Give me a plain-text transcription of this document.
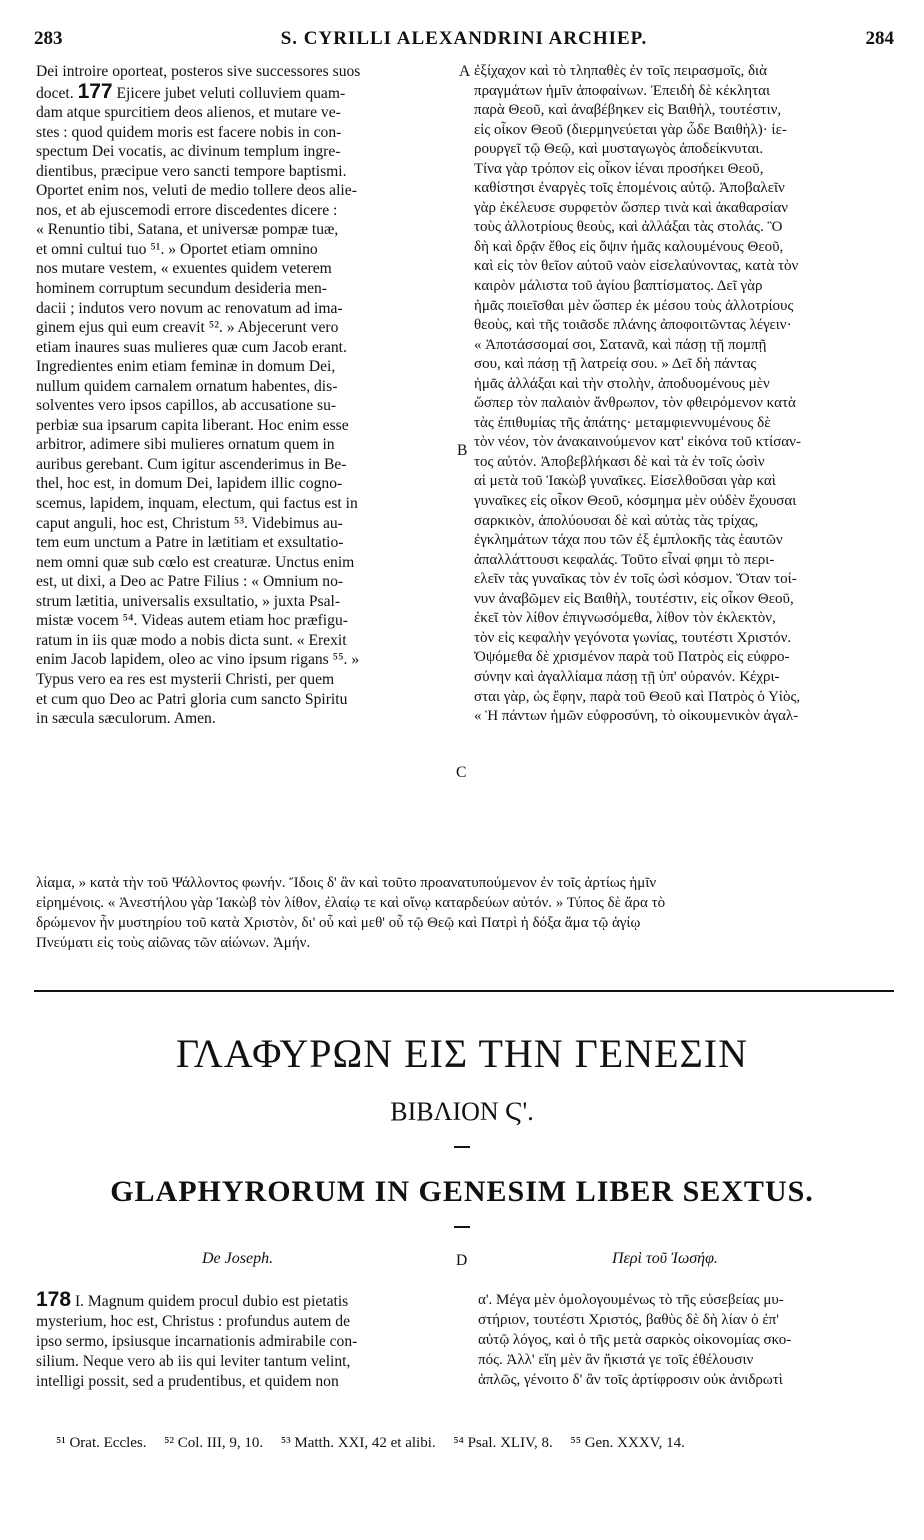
283	S. CYRILLI ALEXANDRINI ARCHIEP.	284
Dei introire oporteat, posteros sive successores suos
docet. 177 Ejicere jubet veluti colluviem quam-
dam atque spurcitiem deos alienos, et mutare ve-
stes : quod quidem moris est facere nobis in con-
spectum Dei vocatis, ac divinum templum ingre-
dientibus, præcipue vero sancti tempore baptismi.
Oportet enim nos, veluti de medio tollere deos alie-
nos, et ab ejuscemodi errore discedentes dicere :
« Renuntio tibi, Satana, et universæ pompæ tuæ,
et omni cultui tuo ⁵¹. » Oportet etiam omnino
nos mutare vestem, « exuentes quidem veterem
hominem corruptum secundum desideria men-
dacii ; indutos vero novum ac renovatum ad ima-
ginem ejus qui eum creavit ⁵². » Abjecerunt vero
etiam inaures suas mulieres quæ cum Jacob erant.
Ingredientes enim etiam feminæ in domum Dei,
nullum quidem carnalem ornatum habentes, dis-
solventes vero ipsos capillos, ab accusatione su-
perbiæ sua ipsarum capita liberant. Hoc enim esse
arbitror, adimere sibi mulieres ornatum quem in
auribus gerebant. Cum igitur ascenderimus in Be-
thel, hoc est, in domum Dei, lapidem illic cogno-
scemus, lapidem, inquam, electum, qui factus est in
caput anguli, hoc est, Christum ⁵³. Videbimus au-
tem eum unctum a Patre in lætitiam et exsultatio-
nem omni quæ sub cœlo est creaturæ. Unctus enim
est, ut dixi, a Deo ac Patre Filius : « Omnium no-
strum lætitia, universalis exsultatio, » juxta Psal-
mistæ vocem ⁵⁴. Videas autem etiam hoc præfigu-
ratum in iis quæ modo a nobis dicta sunt. « Erexit
enim Jacob lapidem, oleo ac vino ipsum rigans ⁵⁵. »
Typus vero ea res est mysterii Christi, per quem
et cum quo Deo ac Patri gloria cum sancto Spiritu
in sæcula sæculorum. Amen.
A
B
C
D
ἐξίχαχον καὶ τὸ τληπαθὲς ἐν τοῖς πειρασμοῖς, διὰ
πραγμάτων ἡμῖν ἀποφαίνων. Ἐπειδὴ δὲ κέκληται
παρὰ Θεοῦ, καὶ ἀναβέβηκεν εἰς Βαιθὴλ, τουτέστιν,
εἰς οἶκον Θεοῦ (διερμηνεύεται γὰρ ὧδε Βαιθὴλ)· ἱε-
ρουργεῖ τῷ Θεῷ, καὶ μυσταγωγὸς ἀποδείκνυται.
Τίνα γὰρ τρόπον εἰς οἶκον ἰέναι προσήκει Θεοῦ,
καθίστησι ἐναργὲς τοῖς ἑπομένοις αὐτῷ. Ἀποβαλεῖν
γὰρ ἐκέλευσε συρφετὸν ὥσπερ τινὰ καὶ ἀκαθαρσίαν
τοὺς ἀλλοτρίους θεοὺς, καὶ ἀλλάξαι τὰς στολάς. Ὃ
δὴ καὶ δρᾷν ἔθος εἰς ὄψιν ἡμᾶς καλουμένους Θεοῦ,
καὶ εἰς τὸν θεῖον αὐτοῦ ναὸν εἰσελαύνοντας, κατὰ τὸν
καιρὸν μάλιστα τοῦ ἁγίου βαπτίσματος. Δεῖ γὰρ
ἡμᾶς ποιεῖσθαι μὲν ὥσπερ ἐκ μέσου τοὺς ἀλλοτρίους
θεοὺς, καὶ τῆς τοιᾶσδε πλάνης ἀποφοιτῶντας λέγειν·
« Ἀποτάσσομαί σοι, Σατανᾶ, καὶ πάσῃ τῇ πομπῇ
σου, καὶ πάσῃ τῇ λατρείᾳ σου. » Δεῖ δὴ πάντας
ἡμᾶς ἀλλάξαι καὶ τὴν στολὴν, ἀποδυομένους μὲν
ὥσπερ τὸν παλαιὸν ἄνθρωπον, τὸν φθειρόμενον κατὰ
τὰς ἐπιθυμίας τῆς ἀπάτης· μεταμφιεννυμένους δὲ
τὸν νέον, τὸν ἀνακαινούμενον κατ' εἰκόνα τοῦ κτίσαν-
τος αὐτόν. Ἀποβεβλήκασι δὲ καὶ τὰ ἐν τοῖς ὠσὶν
αἱ μετὰ τοῦ Ἰακὼβ γυναῖκες. Εἰσελθοῦσαι γὰρ καὶ
γυναῖκες εἰς οἶκον Θεοῦ, κόσμημα μὲν οὐδὲν ἔχουσαι
σαρκικὸν, ἀπολύουσαι δὲ καὶ αὐτὰς τὰς τρίχας,
ἐγκλημάτων τάχα που τῶν ἐξ ἐμπλοκῆς τὰς ἑαυτῶν
ἀπαλλάττουσι κεφαλάς. Τοῦτο εἶναί φημι τὸ περι-
ελεῖν τὰς γυναῖκας τὸν ἐν τοῖς ὠσὶ κόσμον. Ὅταν τοί-
νυν ἀναβῶμεν εἰς Βαιθὴλ, τουτέστιν, εἰς οἶκον Θεοῦ,
ἐκεῖ τὸν λίθον ἐπιγνωσόμεθα, λίθον τὸν ἐκλεκτὸν,
τὸν εἰς κεφαλὴν γεγόνοτα γωνίας, τουτέστι Χριστόν.
Ὀψόμεθα δὲ χρισμένον παρὰ τοῦ Πατρὸς εἰς εὐφρο-
σύνην καὶ ἀγαλλίαμα πάσῃ τῇ ὑπ' οὐρανόν. Κέχρι-
σται γὰρ, ὡς ἔφην, παρὰ τοῦ Θεοῦ καὶ Πατρὸς ὁ Υἱὸς,
« Ἡ πάντων ἡμῶν εὐφροσύνη, τὸ οἰκουμενικὸν ἀγαλ-
λίαμα, » κατὰ τὴν τοῦ Ψάλλοντος φωνήν. Ἴδοις δ' ἂν καὶ τοῦτο προανατυπούμενον ἐν τοῖς ἀρτίως ἡμῖν
εἰρημένοις. « Ἀνεστήλου γὰρ Ἰακὼβ τὸν λίθον, ἐλαίῳ τε καὶ οἴνῳ καταρδεύων αὐτόν. » Τύπος δὲ ἄρα τὸ
δρώμενον ἦν μυστηρίου τοῦ κατὰ Χριστὸν, δι' οὗ καὶ μεθ' οὗ τῷ Θεῷ καὶ Πατρὶ ἡ δόξα ἅμα τῷ ἁγίῳ
Πνεύματι εἰς τοὺς αἰῶνας τῶν αἰώνων. Ἀμήν.
ΓΛΑΦΥΡΩΝ ΕΙΣ ΤΗΝ ΓΕΝΕΣΙΝ
ΒΙΒΛΙΟΝ Ϛ'.
GLAPHYRORUM IN GENESIM LIBER SEXTUS.
De Joseph.	Περὶ τοῦ Ἰωσήφ.
178 I. Magnum quidem procul dubio est pietatis
mysterium, hoc est, Christus : profundus autem de
ipso sermo, ipsiusque incarnationis admirabile con-
silium. Neque vero ab iis qui leviter tantum velint,
intelligi possit, sed a prudentibus, et quidem non
α'. Μέγα μὲν ὁμολογουμένως τὸ τῆς εὐσεβείας μυ-
στήριον, τουτέστι Χριστός, βαθὺς δὲ δὴ λίαν ὁ ἐπ'
αὐτῷ λόγος, καὶ ὁ τῆς μετὰ σαρκὸς οἰκονομίας σκο-
πός. Ἀλλ' εἴη μὲν ἂν ἥκιστά γε τοῖς ἐθέλουσιν
ἁπλῶς, γένοιτο δ' ἂν τοῖς ἀρτίφροσιν οὐκ ἀνιδρωτὶ
⁵¹ Orat. Eccles. ⁵² Col. III, 9, 10. ⁵³ Matth. XXI, 42 et alibi. ⁵⁴ Psal. XLIV, 8. ⁵⁵ Gen. XXXV, 14.
